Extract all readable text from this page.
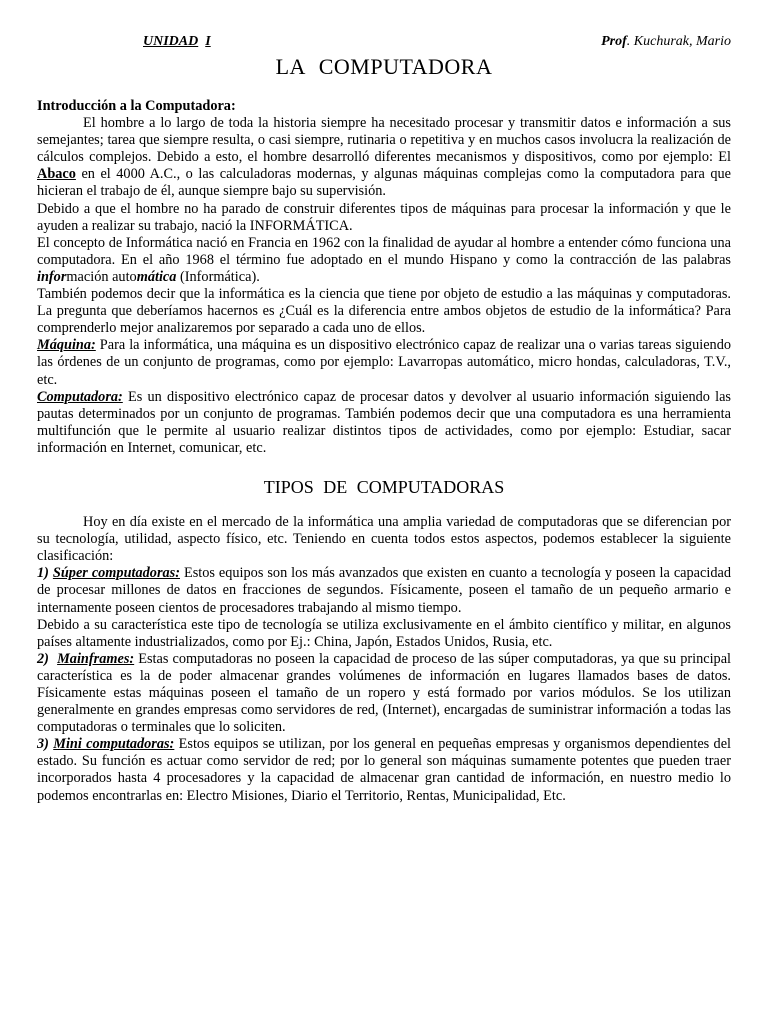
UNIDAD I	Prof. Kuchurak, Mario
LA COMPUTADORA

Introducción a la Computadora:

El hombre a lo largo de toda la historia siempre ha necesitado procesar y transmitir datos e información a sus semejantes; tarea que siempre resulta, o casi siempre, rutinaria o repetitiva y en muchos casos involucra la realización de cálculos complejos. Debido a esto, el hombre desarrolló diferentes mecanismos y dispositivos, como por ejemplo: El Abaco en el 4000 A.C., o las calculadoras modernas, y algunas máquinas complejas como la computadora para que hicieran el trabajo de él, aunque siempre bajo su supervisión.

Debido a que el hombre no ha parado de construir diferentes tipos de máquinas para procesar la información y que le ayuden a realizar su trabajo, nació la INFORMÁTICA.

El concepto de Informática nació en Francia en 1962 con la finalidad de ayudar al hombre a entender cómo funciona una computadora. En el año 1968 el término fue adoptado en el mundo Hispano y como la contracción de las palabras información automática (Informática).

También podemos decir que la informática es la ciencia que tiene por objeto de estudio a las máquinas y computadoras. La pregunta que deberíamos hacernos es ¿Cuál es la diferencia entre ambos objetos de estudio de la informática? Para comprenderlo mejor analizaremos por separado a cada uno de ellos.

Máquina: Para la informática, una máquina es un dispositivo electrónico capaz de realizar una o varias tareas siguiendo las órdenes de un conjunto de programas, como por ejemplo: Lavarropas automático, micro hondas, calculadoras, T.V., etc.

Computadora: Es un dispositivo electrónico capaz de procesar datos y devolver al usuario información siguiendo las pautas determinados por un conjunto de programas. También podemos decir que una computadora es una herramienta multifunción que le permite al usuario realizar distintos tipos de actividades, como por ejemplo: Estudiar, sacar información en Internet, comunicar, etc.

TIPOS DE COMPUTADORAS

Hoy en día existe en el mercado de la informática una amplia variedad de computadoras que se diferencian por su tecnología, utilidad, aspecto físico, etc. Teniendo en cuenta todos estos aspectos, podemos establecer la siguiente clasificación:

1) Súper computadoras: Estos equipos son los más avanzados que existen en cuanto a tecnología y poseen la capacidad de procesar millones de datos en fracciones de segundos. Físicamente, poseen el tamaño de un pequeño armario e internamente poseen cientos de procesadores trabajando al mismo tiempo.

Debido a su característica este tipo de tecnología se utiliza exclusivamente en el ámbito científico y militar, en algunos países altamente industrializados, como por Ej.: China, Japón, Estados Unidos, Rusia, etc.

2) Mainframes: Estas computadoras no poseen la capacidad de proceso de las súper computadoras, ya que su principal característica es la de poder almacenar grandes volúmenes de información en lugares llamados bases de datos. Físicamente estas máquinas poseen el tamaño de un ropero y está formado por varios módulos. Se los utilizan generalmente en grandes empresas como servidores de red, (Internet), encargadas de suministrar información a todas las computadoras o terminales que lo soliciten.

3) Mini computadoras: Estos equipos se utilizan, por los general en pequeñas empresas y organismos dependientes del estado. Su función es actuar como servidor de red; por lo general son máquinas sumamente potentes que pueden traer incorporados hasta 4 procesadores y la capacidad de almacenar gran cantidad de información, en nuestro medio lo podemos encontrarlas en: Electro Misiones, Diario el Territorio, Rentas, Municipalidad, Etc.
